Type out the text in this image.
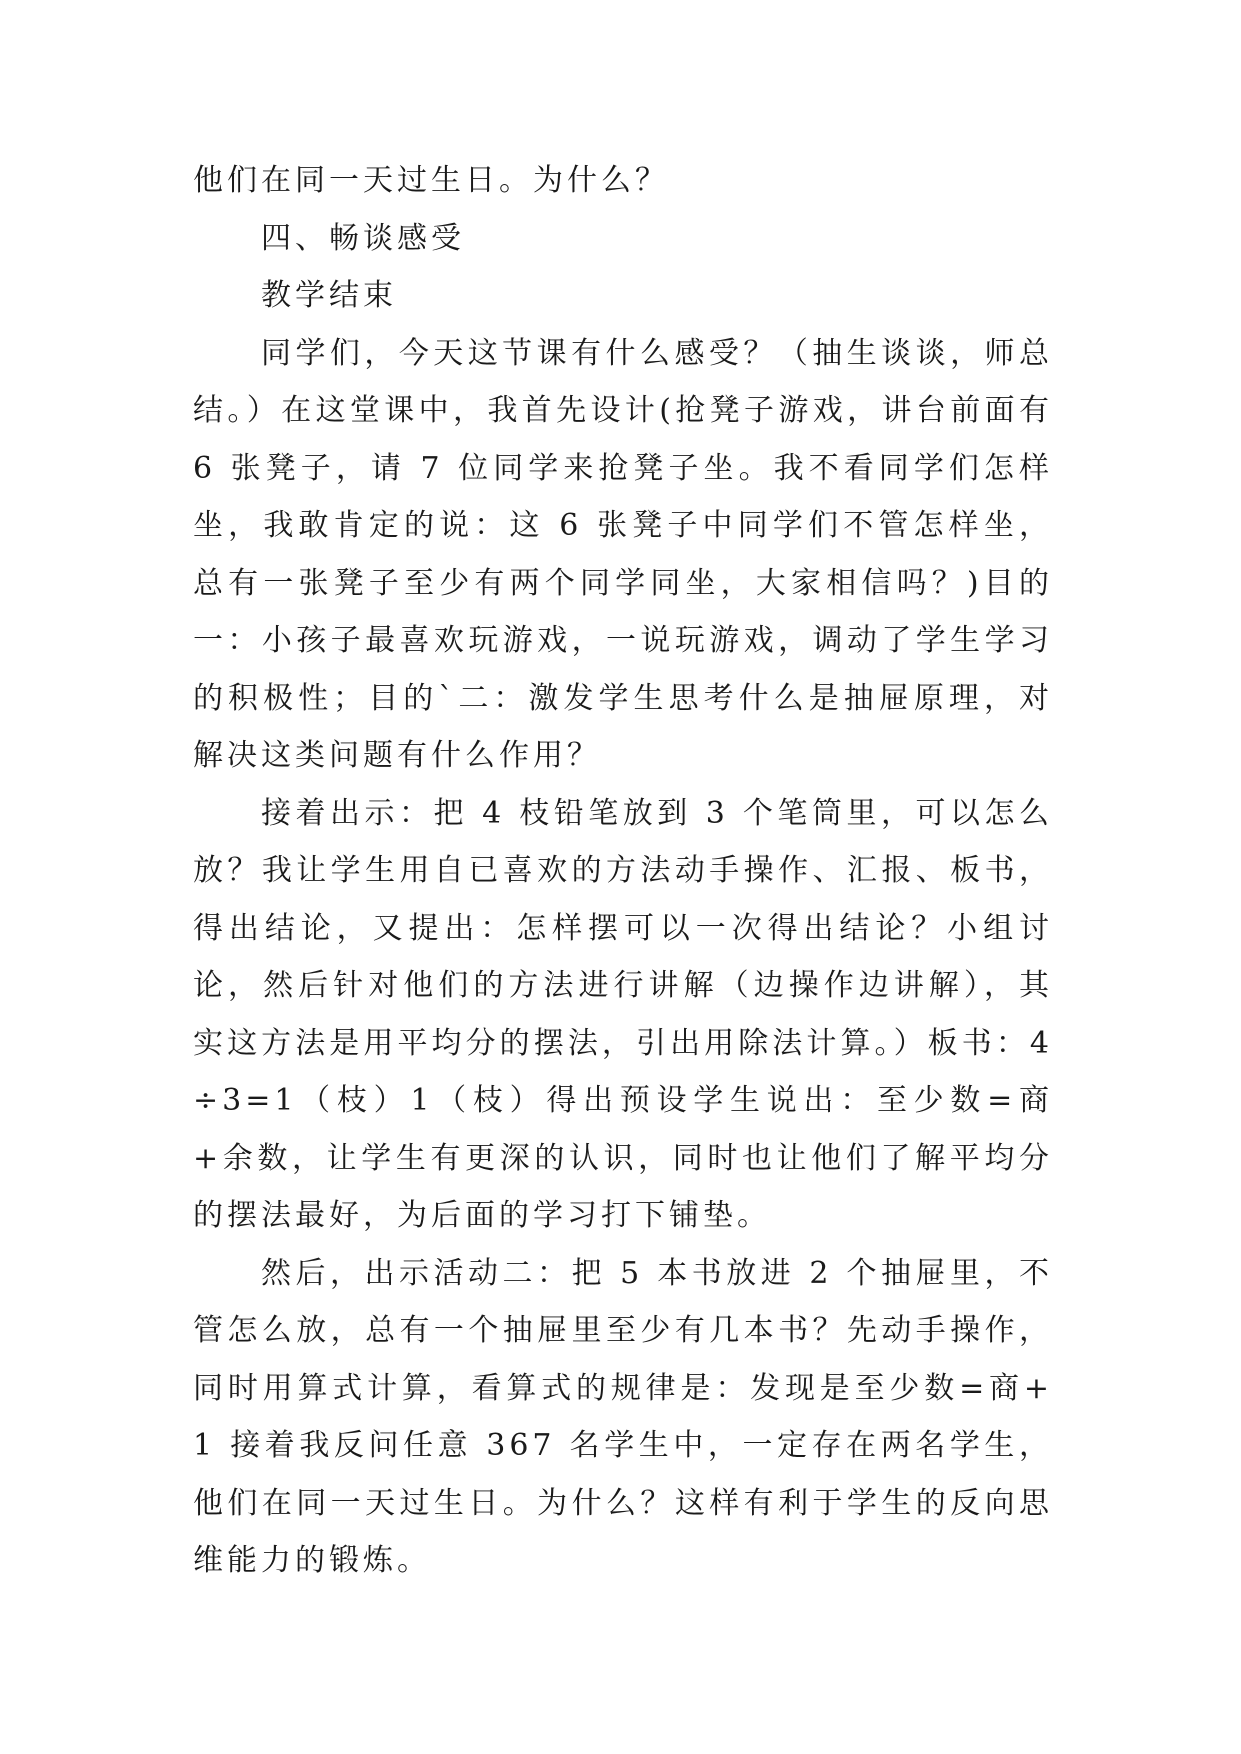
他们在同一天过生日。为什么？

四、畅谈感受

教学结束

同学们，今天这节课有什么感受？（抽生谈谈，师总结。）在这堂课中，我首先设计(抢凳子游戏，讲台前面有 6 张凳子，请 7 位同学来抢凳子坐。我不看同学们怎样坐，我敢肯定的说：这 6 张凳子中同学们不管怎样坐，总有一张凳子至少有两个同学同坐，大家相信吗？)目的一：小孩子最喜欢玩游戏，一说玩游戏，调动了学生学习的积极性；目的`二：激发学生思考什么是抽屉原理，对解决这类问题有什么作用？

接着出示：把 4 枝铅笔放到 3 个笔筒里，可以怎么放？我让学生用自已喜欢的方法动手操作、汇报、板书，得出结论，又提出：怎样摆可以一次得出结论？小组讨论，然后针对他们的方法进行讲解（边操作边讲解），其实这方法是用平均分的摆法，引出用除法计算。）板书：4÷3=1（枝）1（枝）得出预设学生说出：至少数=商+余数，让学生有更深的认识，同时也让他们了解平均分的摆法最好，为后面的学习打下铺垫。

然后，出示活动二：把 5 本书放进 2 个抽屉里，不管怎么放，总有一个抽屉里至少有几本书？先动手操作，同时用算式计算，看算式的规律是：发现是至少数=商+1 接着我反问任意 367 名学生中，一定存在两名学生，他们在同一天过生日。为什么？这样有利于学生的反向思维能力的锻炼。
